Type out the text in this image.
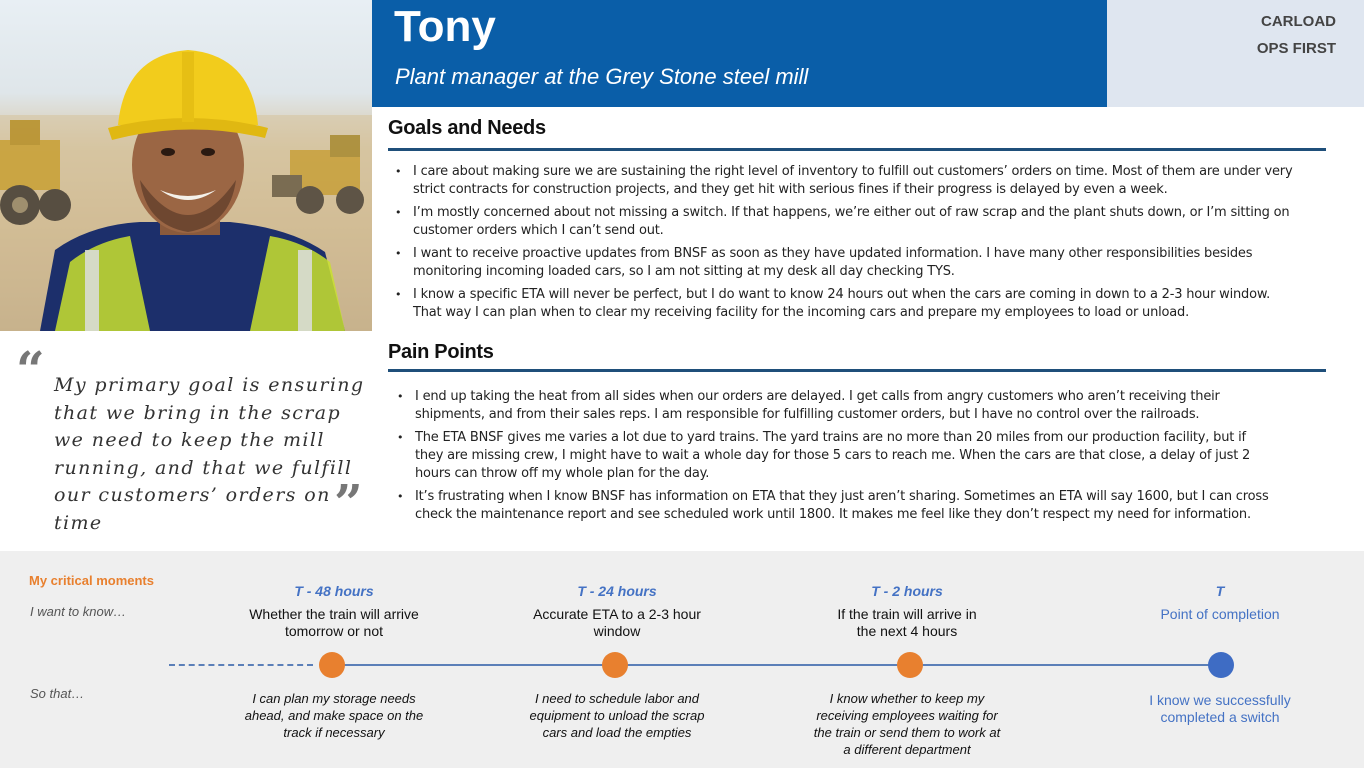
Tony
Plant manager at the Grey Stone steel mill
CARLOAD
OPS FIRST
Goals and Needs
• I care about making sure we are sustaining the right level of inventory to fulfill out customers’ orders on time. Most of them are under very strict contracts for construction projects, and they get hit with serious fines if their progress is delayed by even a week.
• I’m mostly concerned about not missing a switch. If that happens, we’re either out of raw scrap and the plant shuts down, or I’m sitting on customer orders which I can’t send out.
• I want to receive proactive updates from BNSF as soon as they have updated information. I have many other responsibilities besides monitoring incoming loaded cars, so I am not sitting at my desk all day checking TYS.
• I know a specific ETA will never be perfect, but I do want to know 24 hours out when the cars are coming in down to a 2-3 hour window. That way I can plan when to clear my receiving facility for the incoming cars and prepare my employees to load or unload.
Pain Points
• I end up taking the heat from all sides when our orders are delayed. I get calls from angry customers who aren’t receiving their shipments, and from their sales reps. I am responsible for fulfilling customer orders, but I have no control over the railroads.
• The ETA BNSF gives me varies a lot due to yard trains. The yard trains are no more than 20 miles from our production facility, but if they are missing crew, I might have to wait a whole day for those 5 cars to reach me. When the cars are that close, a delay of just 2 hours can throw off my whole plan for the day.
• It’s frustrating when I know BNSF has information on ETA that they just aren’t sharing. Sometimes an ETA will say 1600, but I can cross check the maintenance report and see scheduled work until 1800. It makes me feel like they don’t respect my need for information.
“ My primary goal is ensuring that we bring in the scrap we need to keep the mill running, and that we fulfill our customers’ orders on time	”
My critical moments
I want to know…
So that…
T - 48 hours
Whether the train will arrive tomorrow or not
I can plan my storage needs ahead, and make space on the track if necessary
T - 24 hours
Accurate ETA to a 2-3 hour window
I need to schedule labor and equipment to unload the scrap cars and load the empties
T - 2 hours
If the train will arrive in the next 4 hours
I know whether to keep my receiving employees waiting for the train or send them to work at a different department
T
Point of completion
I know we successfully completed a switch
